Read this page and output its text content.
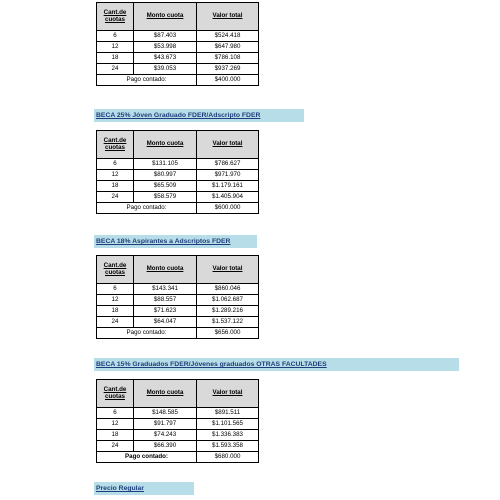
Cant.de cuotas	Monto cuota	Valor total
6	$87.403	$524.418
12	$53.998	$647.980
18	$43.673	$786.108
24	$39.053	$937.269
Pago contado:		$400.000
BECA 25% Jóven Graduado FDER/Adscripto FDER
Cant.de cuotas	Monto cuota	Valor total
6	$131.105	$786.627
12	$80.997	$971.970
18	$65.509	$1.179.161
24	$58.579	$1.405.904
Pago contado:		$600.000
BECA 18% Aspirantes a Adscriptos FDER
Cant.de cuotas	Monto cuota	Valor total
6	$143.341	$860.046
12	$88.557	$1.062.687
18	$71.623	$1.289.216
24	$64.047	$1.537.122
Pago contado:		$656.000
BECA 15% Graduados FDER/Jóvenes graduados OTRAS FACULTADES
Cant.de cuotas	Monto cuota	Valor total
6	$148.585	$891.511
12	$91.797	$1.101.565
18	$74.243	$1.336.383
24	$66.390	$1.593.358
Pago contado:		$680.000
Precio Regular
